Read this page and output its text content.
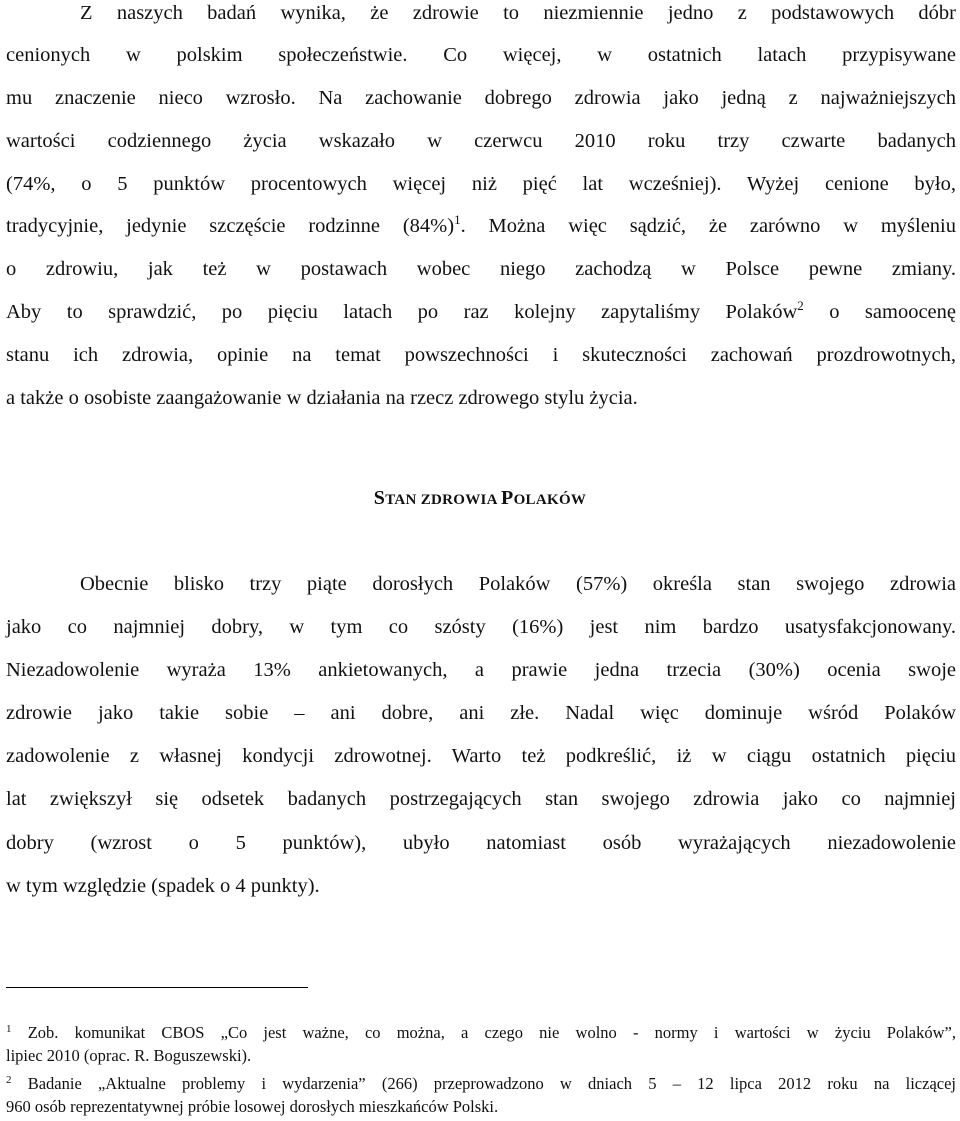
Z naszych badań wynika, że zdrowie to niezmiennie jedno z podstawowych dóbr
cenionych w polskim społeczeństwie. Co więcej, w ostatnich latach przypisywane
mu znaczenie nieco wzrosło. Na zachowanie dobrego zdrowia jako jedną z najważniejszych
wartości codziennego życia wskazało w czerwcu 2010 roku trzy czwarte badanych
(74%, o 5 punktów procentowych więcej niż pięć lat wcześniej). Wyżej cenione było,
tradycyjnie, jedynie szczęście rodzinne $(84\%)^1$. Można więc sądzić, że zarówno w myśleniu
o zdrowiu, jak też w postawach wobec niego zachodzą w Polsce pewne zmiany.
Aby to sprawdzić, po pięciu latach po raz kolejny zapytaliśmy Polaków$^2$ o samoocenę
stanu ich zdrowia, opinie na temat powszechności i skuteczności zachowań prozdrowotnych,
a także o osobiste zaangażowanie w działania na rzecz zdrowego stylu życia.
STAN ZDROWIA POLAKÓW
Obecnie blisko trzy piąte dorosłych Polaków (57%) określa stan swojego zdrowia
jako co najmniej dobry, w tym co szósty (16%) jest nim bardzo usatysfakcjonowany.
Niezadowolenie wyraża 13% ankietowanych, a prawie jedna trzecia (30%) ocenia swoje
zdrowie jako takie sobie – ani dobre, ani złe. Nadal więc dominuje wśród Polaków
zadowolenie z własnej kondycji zdrowotnej. Warto też podkreślić, iż w ciągu ostatnich pięciu
lat zwiększył się odsetek badanych postrzegających stan swojego zdrowia jako co najmniej
dobry (wzrost o 5 punktów), ubyło natomiast osób wyrażających niezadowolenie
w tym względzie (spadek o 4 punkty).
$^1$ Zob. komunikat CBOS „Co jest ważne, co można, a czego nie wolno - normy i wartości w życiu Polaków”,
lipiec 2010 (oprac. R. Boguszewski).
$^2$ Badanie „Aktualne problemy i wydarzenia” (266) przeprowadzono w dniach 5 – 12 lipca 2012 roku na liczącej
960 osób reprezentatywnej próbie losowej dorosłych mieszkańców Polski.
